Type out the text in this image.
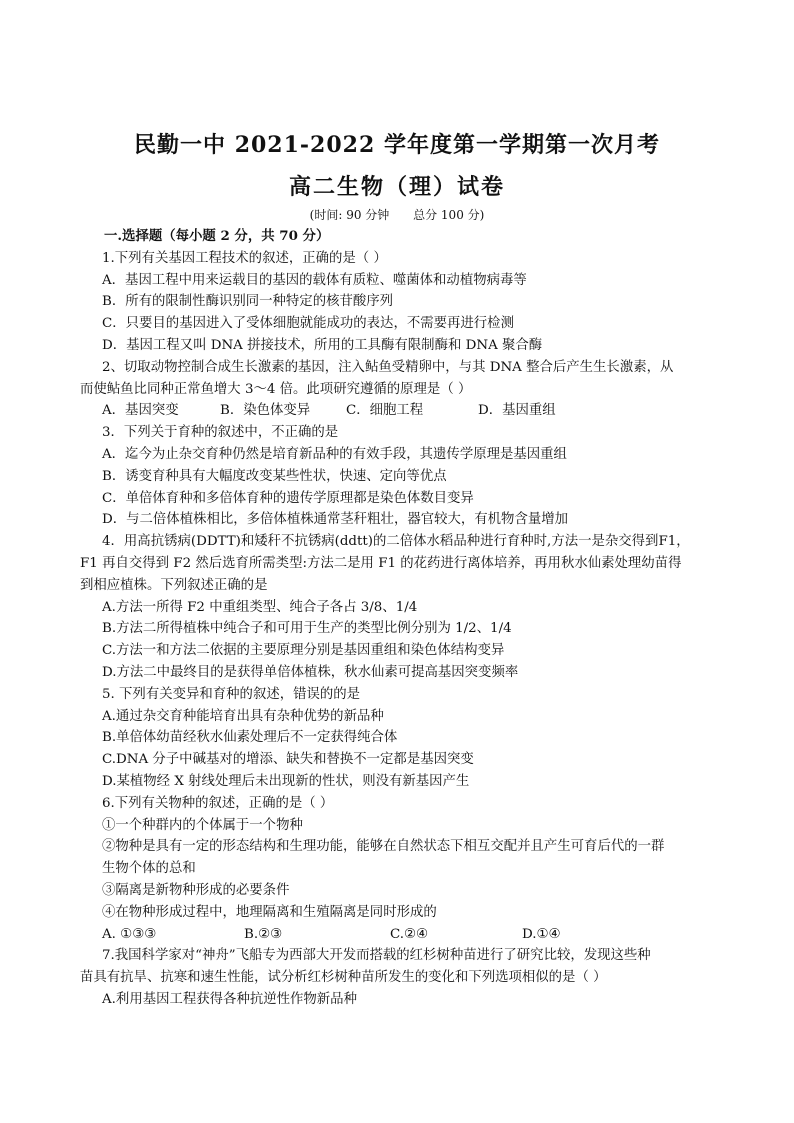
民勤一中 2021-2022 学年度第一学期第一次月考
高二生物（理）试卷
(时间: 90 分钟 总分 100 分)
一.选择题（每小题 2 分，共 70 分）
1.下列有关基因工程技术的叙述，正确的是（ ）
A．基因工程中用来运载目的基因的载体有质粒、噬菌体和动植物病毒等
B．所有的限制性酶识别同一种特定的核苷酸序列
C．只要目的基因进入了受体细胞就能成功的表达，不需要再进行检测
D．基因工程又叫 DNA 拼接技术，所用的工具酶有限制酶和 DNA 聚合酶
2、切取动物控制合成生长激素的基因，注入鲇鱼受精卵中，与其 DNA 整合后产生生长激素，从
而使鲇鱼比同种正常鱼增大 3～4 倍。此项研究遵循的原理是（ ）
A．基因突变	B．染色体变异	C．细胞工程	D．基因重组
3．下列关于育种的叙述中，不正确的是
A．迄今为止杂交育种仍然是培育新品种的有效手段，其遗传学原理是基因重组
B．诱变育种具有大幅度改变某些性状，快速、定向等优点
C．单倍体育种和多倍体育种的遗传学原理都是染色体数目变异
D．与二倍体植株相比，多倍体植株通常茎秆粗壮，器官较大，有机物含量增加
4．用高抗锈病(DDTT)和矮秆不抗锈病(ddtt)的二倍体水稻品种进行育种时,方法一是杂交得到F1，
F1 再自交得到 F2 然后选育所需类型:方法二是用 F1 的花药进行离体培养，再用秋水仙素处理幼苗得
到相应植株。下列叙述正确的是
A.方法一所得 F2 中重组类型、纯合子各占 3/8、1/4
B.方法二所得植株中纯合子和可用于生产的类型比例分别为 1/2、1/4
C.方法一和方法二依据的主要原理分别是基因重组和染色体结构变异
D.方法二中最终目的是获得单倍体植株，秋水仙素可提高基因突变频率
5. 下列有关变异和育种的叙述，错误的的是
A.通过杂交育种能培育出具有杂种优势的新品种
B.单倍体幼苗经秋水仙素处理后不一定获得纯合体
C.DNA 分子中碱基对的增添、缺失和替换不一定都是基因突变
D.某植物经 X 射线处理后未出现新的性状，则没有新基因产生
6.下列有关物种的叙述，正确的是（ ）
①一个种群内的个体属于一个物种
②物种是具有一定的形态结构和生理功能，能够在自然状态下相互交配并且产生可育后代的一群
生物个体的总和
③隔离是新物种形成的必要条件
④在物种形成过程中，地理隔离和生殖隔离是同时形成的
A. ①③③	B.②③	C.②④	D.①④
7.我国科学家对“神舟”飞船专为西部大开发而搭载的红杉树种苗进行了研究比较，发现这些种
苗具有抗旱、抗寒和速生性能，试分析红杉树种苗所发生的变化和下列选项相似的是（ ）
A.利用基因工程获得各种抗逆性作物新品种
